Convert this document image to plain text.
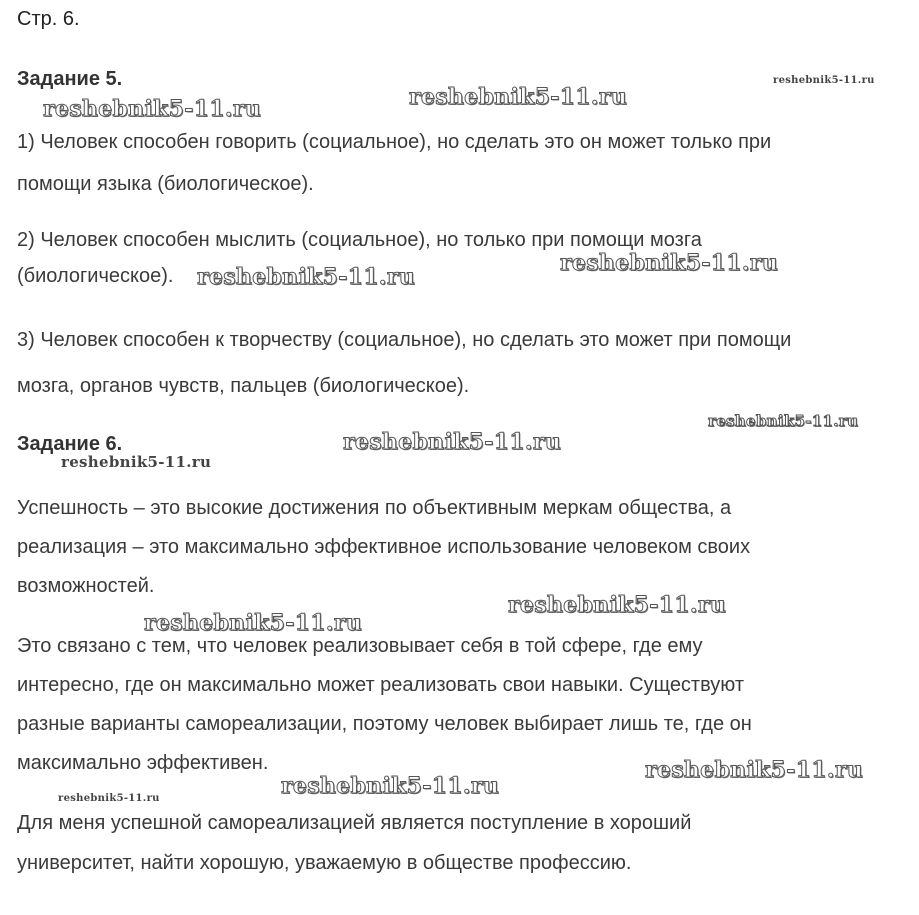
Стр. 6.
Задание 5.
1) Человек способен говорить (социальное), но сделать это он может только при
помощи языка (биологическое).
2) Человек способен мыслить (социальное), но только при помощи мозга
(биологическое).
3) Человек способен к творчеству (социальное), но сделать это может при помощи
мозга, органов чувств, пальцев (биологическое).
Задание 6.
Успешность – это высокие достижения по объективным меркам общества, а
реализация – это максимально эффективное использование человеком своих
возможностей.
Это связано с тем, что человек реализовывает себя в той сфере, где ему
интересно, где он максимально может реализовать свои навыки. Существуют
разные варианты самореализации, поэтому человек выбирает лишь те, где он
максимально эффективен.
Для меня успешной самореализацией является поступление в хороший
университет, найти хорошую, уважаемую в обществе профессию.
reshebnik5-11.ru	reshebnik5-11.ru
reshebnik5-11.ru
reshebnik5-11.ru
reshebnik5-11.ru
reshebnik5-11.ru
reshebnik5-11.ru
reshebnik5-11.ru
reshebnik5-11.ru
reshebnik5-11.ru
reshebnik5-11.ru
reshebnik5-11.ru
reshebnik5-11.ru
